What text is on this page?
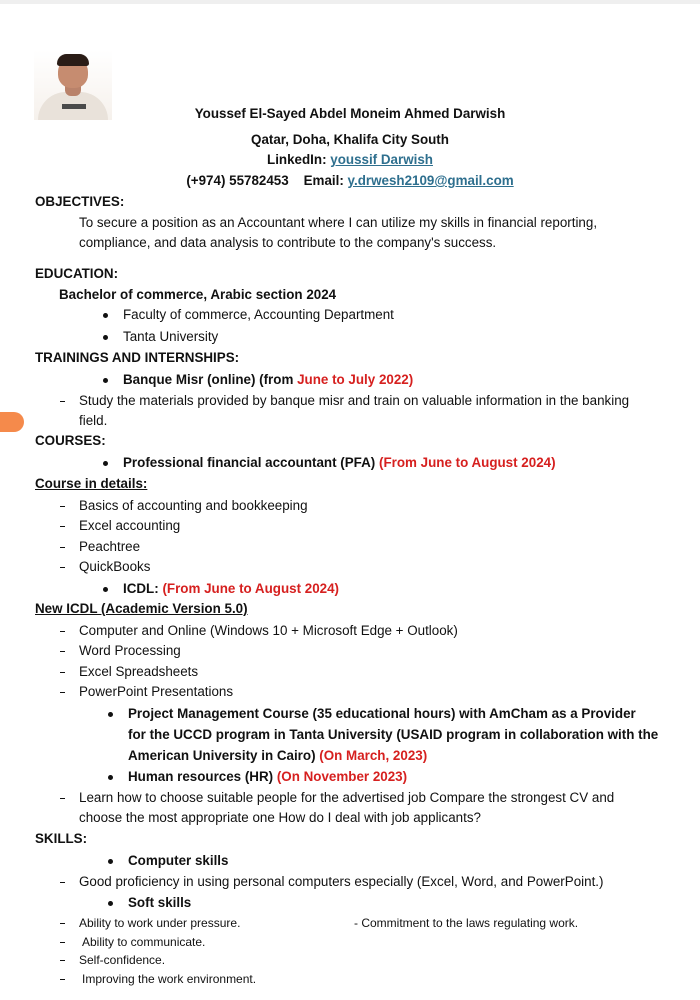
Youssef El-Sayed Abdel Moneim Ahmed Darwish
Qatar, Doha, Khalifa City South
LinkedIn: youssif Darwish
(+974) 55782453 Email: y.drwesh2109@gmail.com
OBJECTIVES:
To secure a position as an Accountant where I can utilize my skills in financial reporting,
compliance, and data analysis to contribute to the company's success.
EDUCATION:
Bachelor of commerce, Arabic section 2024
Faculty of commerce, Accounting Department
Tanta University
TRAININGS AND INTERNSHIPS:
Banque Misr (online) (from June to July 2022)
Study the materials provided by banque misr and train on valuable information in the banking
field.
COURSES:
Professional financial accountant (PFA) (From June to August 2024)
Course in details:
Basics of accounting and bookkeeping
Excel accounting
Peachtree
QuickBooks
ICDL: (From June to August 2024)
New ICDL (Academic Version 5.0)
Computer and Online (Windows 10 + Microsoft Edge + Outlook)
Word Processing
Excel Spreadsheets
PowerPoint Presentations
Project Management Course (35 educational hours) with AmCham as a Provider
for the UCCD program in Tanta University (USAID program in collaboration with the
American University in Cairo) (On March, 2023)
Human resources (HR) (On November 2023)
Learn how to choose suitable people for the advertised job Compare the strongest CV and
choose the most appropriate one How do I deal with job applicants?
SKILLS:
Computer skills
Good proficiency in using personal computers especially (Excel, Word, and PowerPoint.)
Soft skills
Ability to work under pressure.	- Commitment to the laws regulating work.
Ability to communicate.
Self-confidence.
Improving the work environment.
